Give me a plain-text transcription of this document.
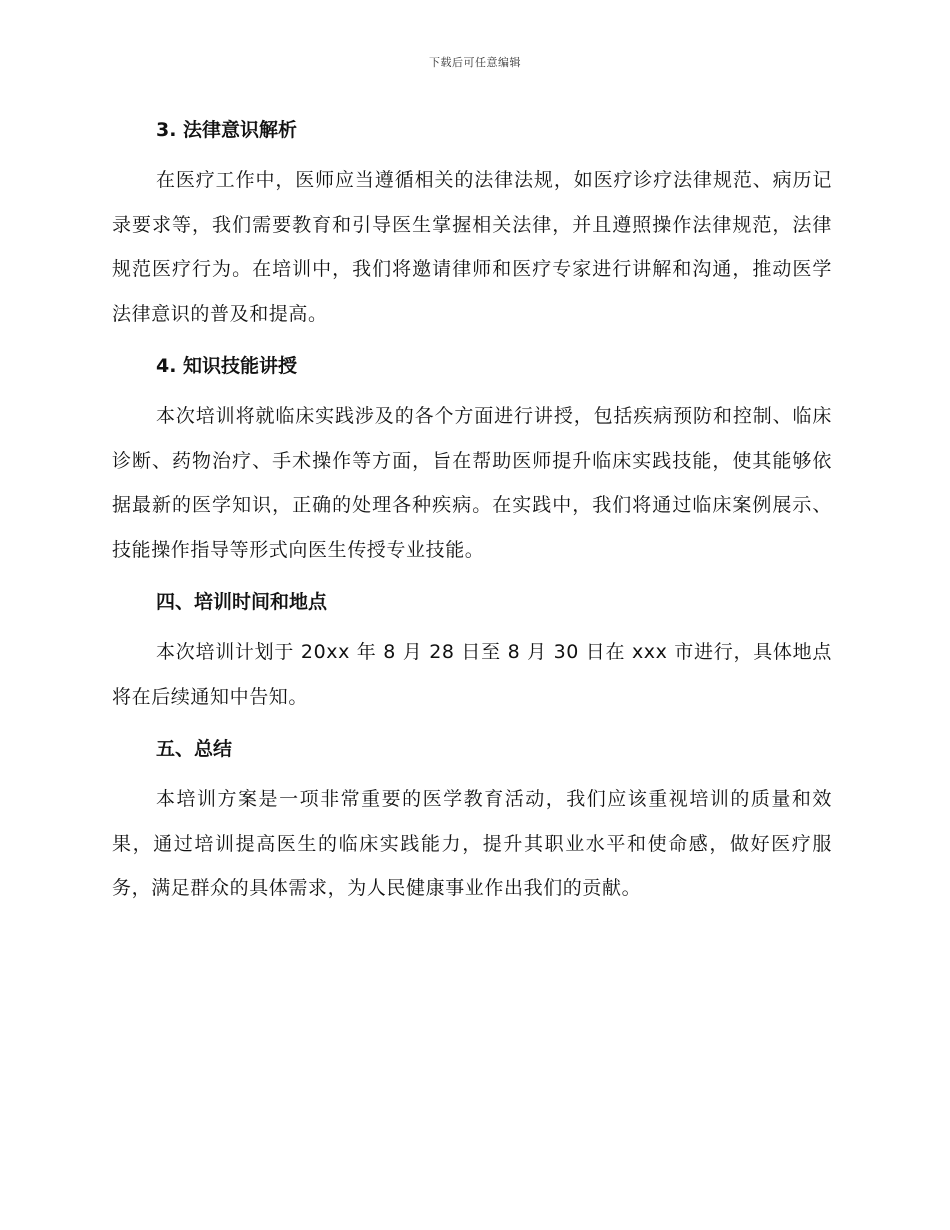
下载后可任意编辑
3. 法律意识解析

在医疗工作中，医师应当遵循相关的法律法规，如医疗诊疗法律规范、病历记录要求等，我们需要教育和引导医生掌握相关法律，并且遵照操作法律规范，法律规范医疗行为。在培训中，我们将邀请律师和医疗专家进行讲解和沟通，推动医学法律意识的普及和提高。

4. 知识技能讲授

本次培训将就临床实践涉及的各个方面进行讲授，包括疾病预防和控制、临床诊断、药物治疗、手术操作等方面，旨在帮助医师提升临床实践技能，使其能够依据最新的医学知识，正确的处理各种疾病。在实践中，我们将通过临床案例展示、技能操作指导等形式向医生传授专业技能。

四、培训时间和地点

本次培训计划于 20xx 年 8 月 28 日至 8 月 30 日在 xxx 市进行，具体地点将在后续通知中告知。

五、总结

本培训方案是一项非常重要的医学教育活动，我们应该重视培训的质量和效果，通过培训提高医生的临床实践能力，提升其职业水平和使命感，做好医疗服务，满足群众的具体需求，为人民健康事业作出我们的贡献。
